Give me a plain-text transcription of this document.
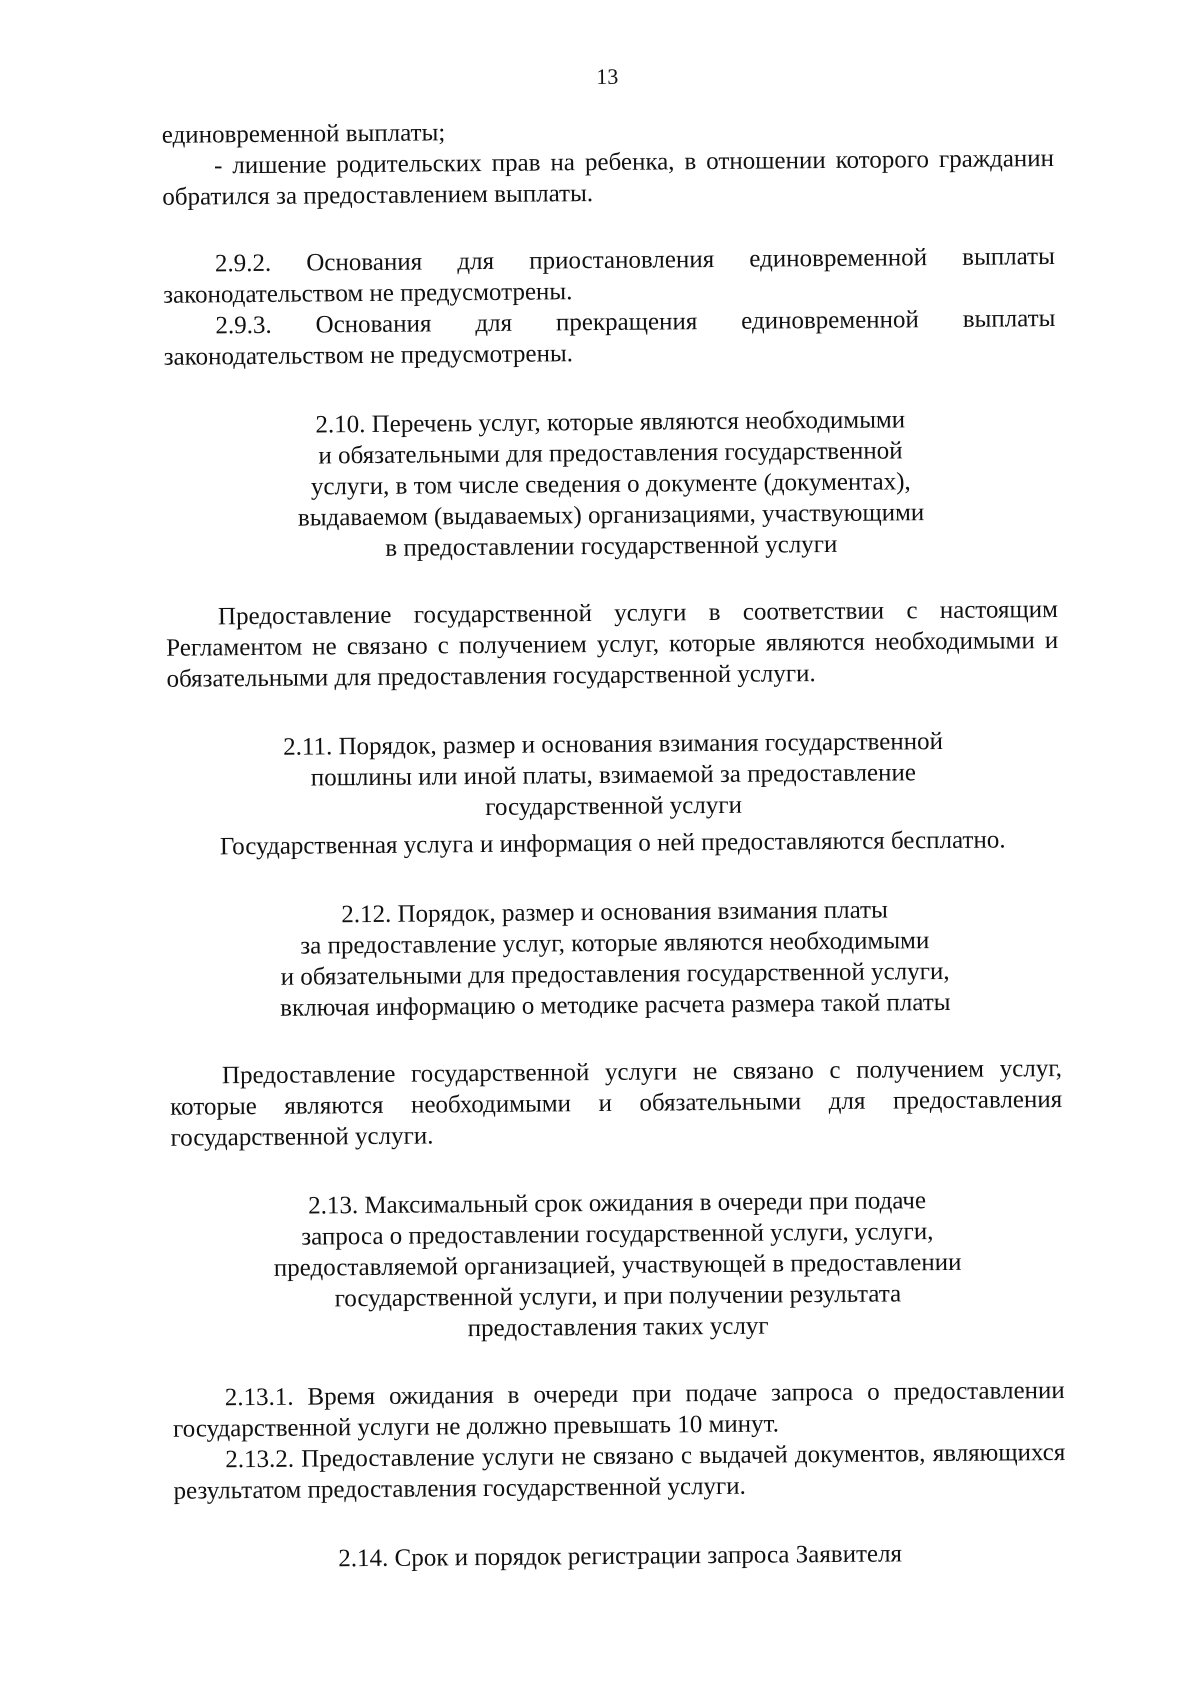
13

единовременной выплаты;

- лишение родительских прав на ребенка, в отношении которого гражданин обратился за предоставлением выплаты.

2.9.2. Основания для приостановления единовременной выплаты законодательством не предусмотрены.

2.9.3. Основания для прекращения единовременной выплаты законодательством не предусмотрены.

2.10. Перечень услуг, которые являются необходимыми
и обязательными для предоставления государственной
услуги, в том числе сведения о документе (документах),
выдаваемом (выдаваемых) организациями, участвующими
в предоставлении государственной услуги

Предоставление государственной услуги в соответствии с настоящим Регламентом не связано с получением услуг, которые являются необходимыми и обязательными для предоставления государственной услуги.

2.11. Порядок, размер и основания взимания государственной
пошлины или иной платы, взимаемой за предоставление
государственной услуги

Государственная услуга и информация о ней предоставляются бесплатно.

2.12. Порядок, размер и основания взимания платы
за предоставление услуг, которые являются необходимыми
и обязательными для предоставления государственной услуги,
включая информацию о методике расчета размера такой платы

Предоставление государственной услуги не связано с получением услуг, которые являются необходимыми и обязательными для предоставления государственной услуги.

2.13. Максимальный срок ожидания в очереди при подаче
запроса о предоставлении государственной услуги, услуги,
предоставляемой организацией, участвующей в предоставлении
государственной услуги, и при получении результата
предоставления таких услуг

2.13.1. Время ожидания в очереди при подаче запроса о предоставлении государственной услуги не должно превышать 10 минут.

2.13.2. Предоставление услуги не связано с выдачей документов, являющихся результатом предоставления государственной услуги.

2.14. Срок и порядок регистрации запроса Заявителя
